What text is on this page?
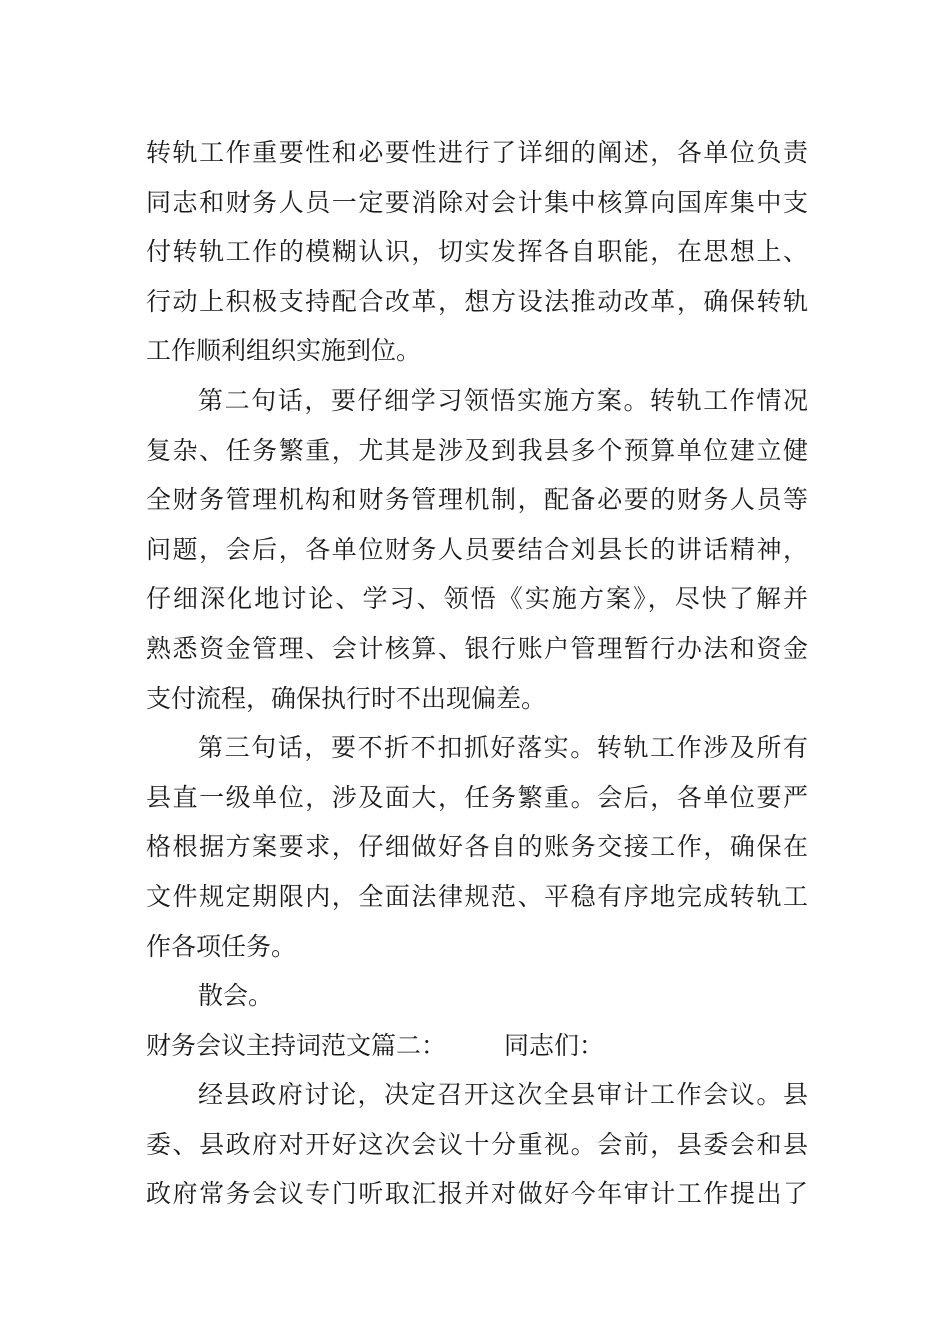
转轨工作重要性和必要性进行了详细的阐述，各单位负责
同志和财务人员一定要消除对会计集中核算向国库集中支
付转轨工作的模糊认识，切实发挥各自职能，在思想上、
行动上积极支持配合改革，想方设法推动改革，确保转轨
工作顺利组织实施到位。
第二句话，要仔细学习领悟实施方案。转轨工作情况
复杂、任务繁重，尤其是涉及到我县多个预算单位建立健
全财务管理机构和财务管理机制，配备必要的财务人员等
问题，会后，各单位财务人员要结合刘县长的讲话精神，
仔细深化地讨论、学习、领悟《实施方案》，尽快了解并
熟悉资金管理、会计核算、银行账户管理暂行办法和资金
支付流程，确保执行时不出现偏差。
第三句话，要不折不扣抓好落实。转轨工作涉及所有
县直一级单位，涉及面大，任务繁重。会后，各单位要严
格根据方案要求，仔细做好各自的账务交接工作，确保在
文件规定期限内，全面法律规范、平稳有序地完成转轨工
作各项任务。
散会。
财务会议主持词范文篇二：	同志们：
经县政府讨论，决定召开这次全县审计工作会议。县
委、县政府对开好这次会议十分重视。会前，县委会和县
政府常务会议专门听取汇报并对做好今年审计工作提出了
